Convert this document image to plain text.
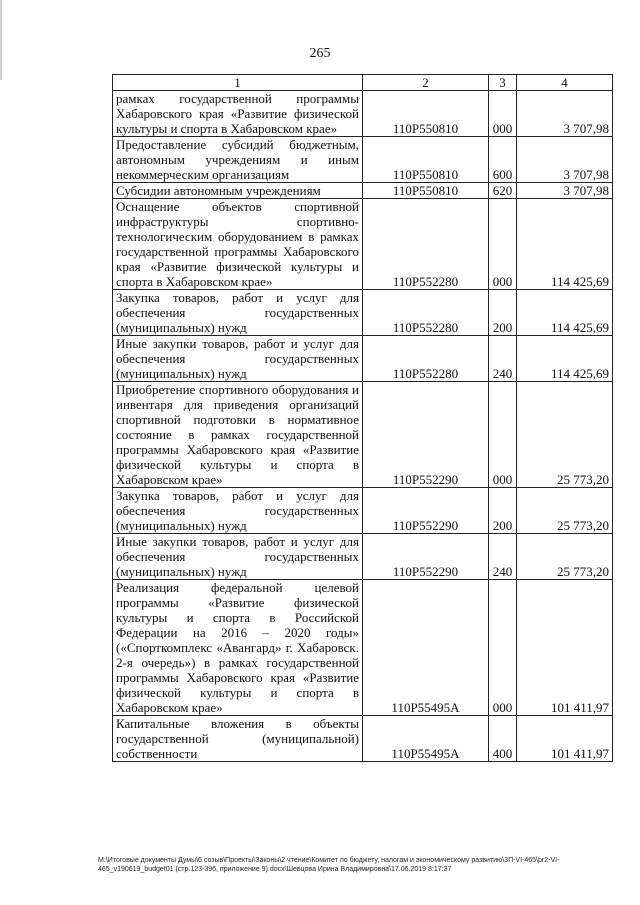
265
1	2	3	4
рамках государственной программы Хабаровского края «Развитие физической культуры и спорта в Хабаровском крае»	110P550810	000	3 707,98
Предоставление субсидий бюджетным, автономным учреждениям и иным некоммерческим организациям	110P550810	600	3 707,98
Субсидии автономным учреждениям	110P550810	620	3 707,98
Оснащение объектов спортивной инфраструктуры спортивно-технологическим оборудованием в рамках государственной программы Хабаровского края «Развитие физической культуры и спорта в Хабаровском крае»	110P552280	000	114 425,69
Закупка товаров, работ и услуг для обеспечения государственных (муниципальных) нужд	110P552280	200	114 425,69
Иные закупки товаров, работ и услуг для обеспечения государственных (муниципальных) нужд	110P552280	240	114 425,69
Приобретение спортивного оборудования и инвентаря для приведения организаций спортивной подготовки в нормативное состояние в рамках государственной программы Хабаровского края «Развитие физической культуры и спорта в Хабаровском крае»	110P552290	000	25 773,20
Закупка товаров, работ и услуг для обеспечения государственных (муниципальных) нужд	110P552290	200	25 773,20
Иные закупки товаров, работ и услуг для обеспечения государственных (муниципальных) нужд	110P552290	240	25 773,20
Реализация федеральной целевой программы «Развитие физической культуры и спорта в Российской Федерации на 2016 – 2020 годы» («Спорткомплекс «Авангард» г. Хабаровск. 2-я очередь») в рамках государственной программы Хабаровского края «Развитие физической культуры и спорта в Хабаровском крае»	110P55495A	000	101 411,97
Капитальные вложения в объекты государственной (муниципальной) собственности	110P55495A	400	101 411,97
M:\Итоговые документы Думы\6 созыв\Проекты\Законы\2 чтение\Комитет по бюджету, налогам и экономическому развитию\3П-VI-465\pr2-VI-465_v190619_budget01 (стр.123-396, приложение 9).docx\Шевцова Ирина Владимировна\17.06.2019 8:17:37
